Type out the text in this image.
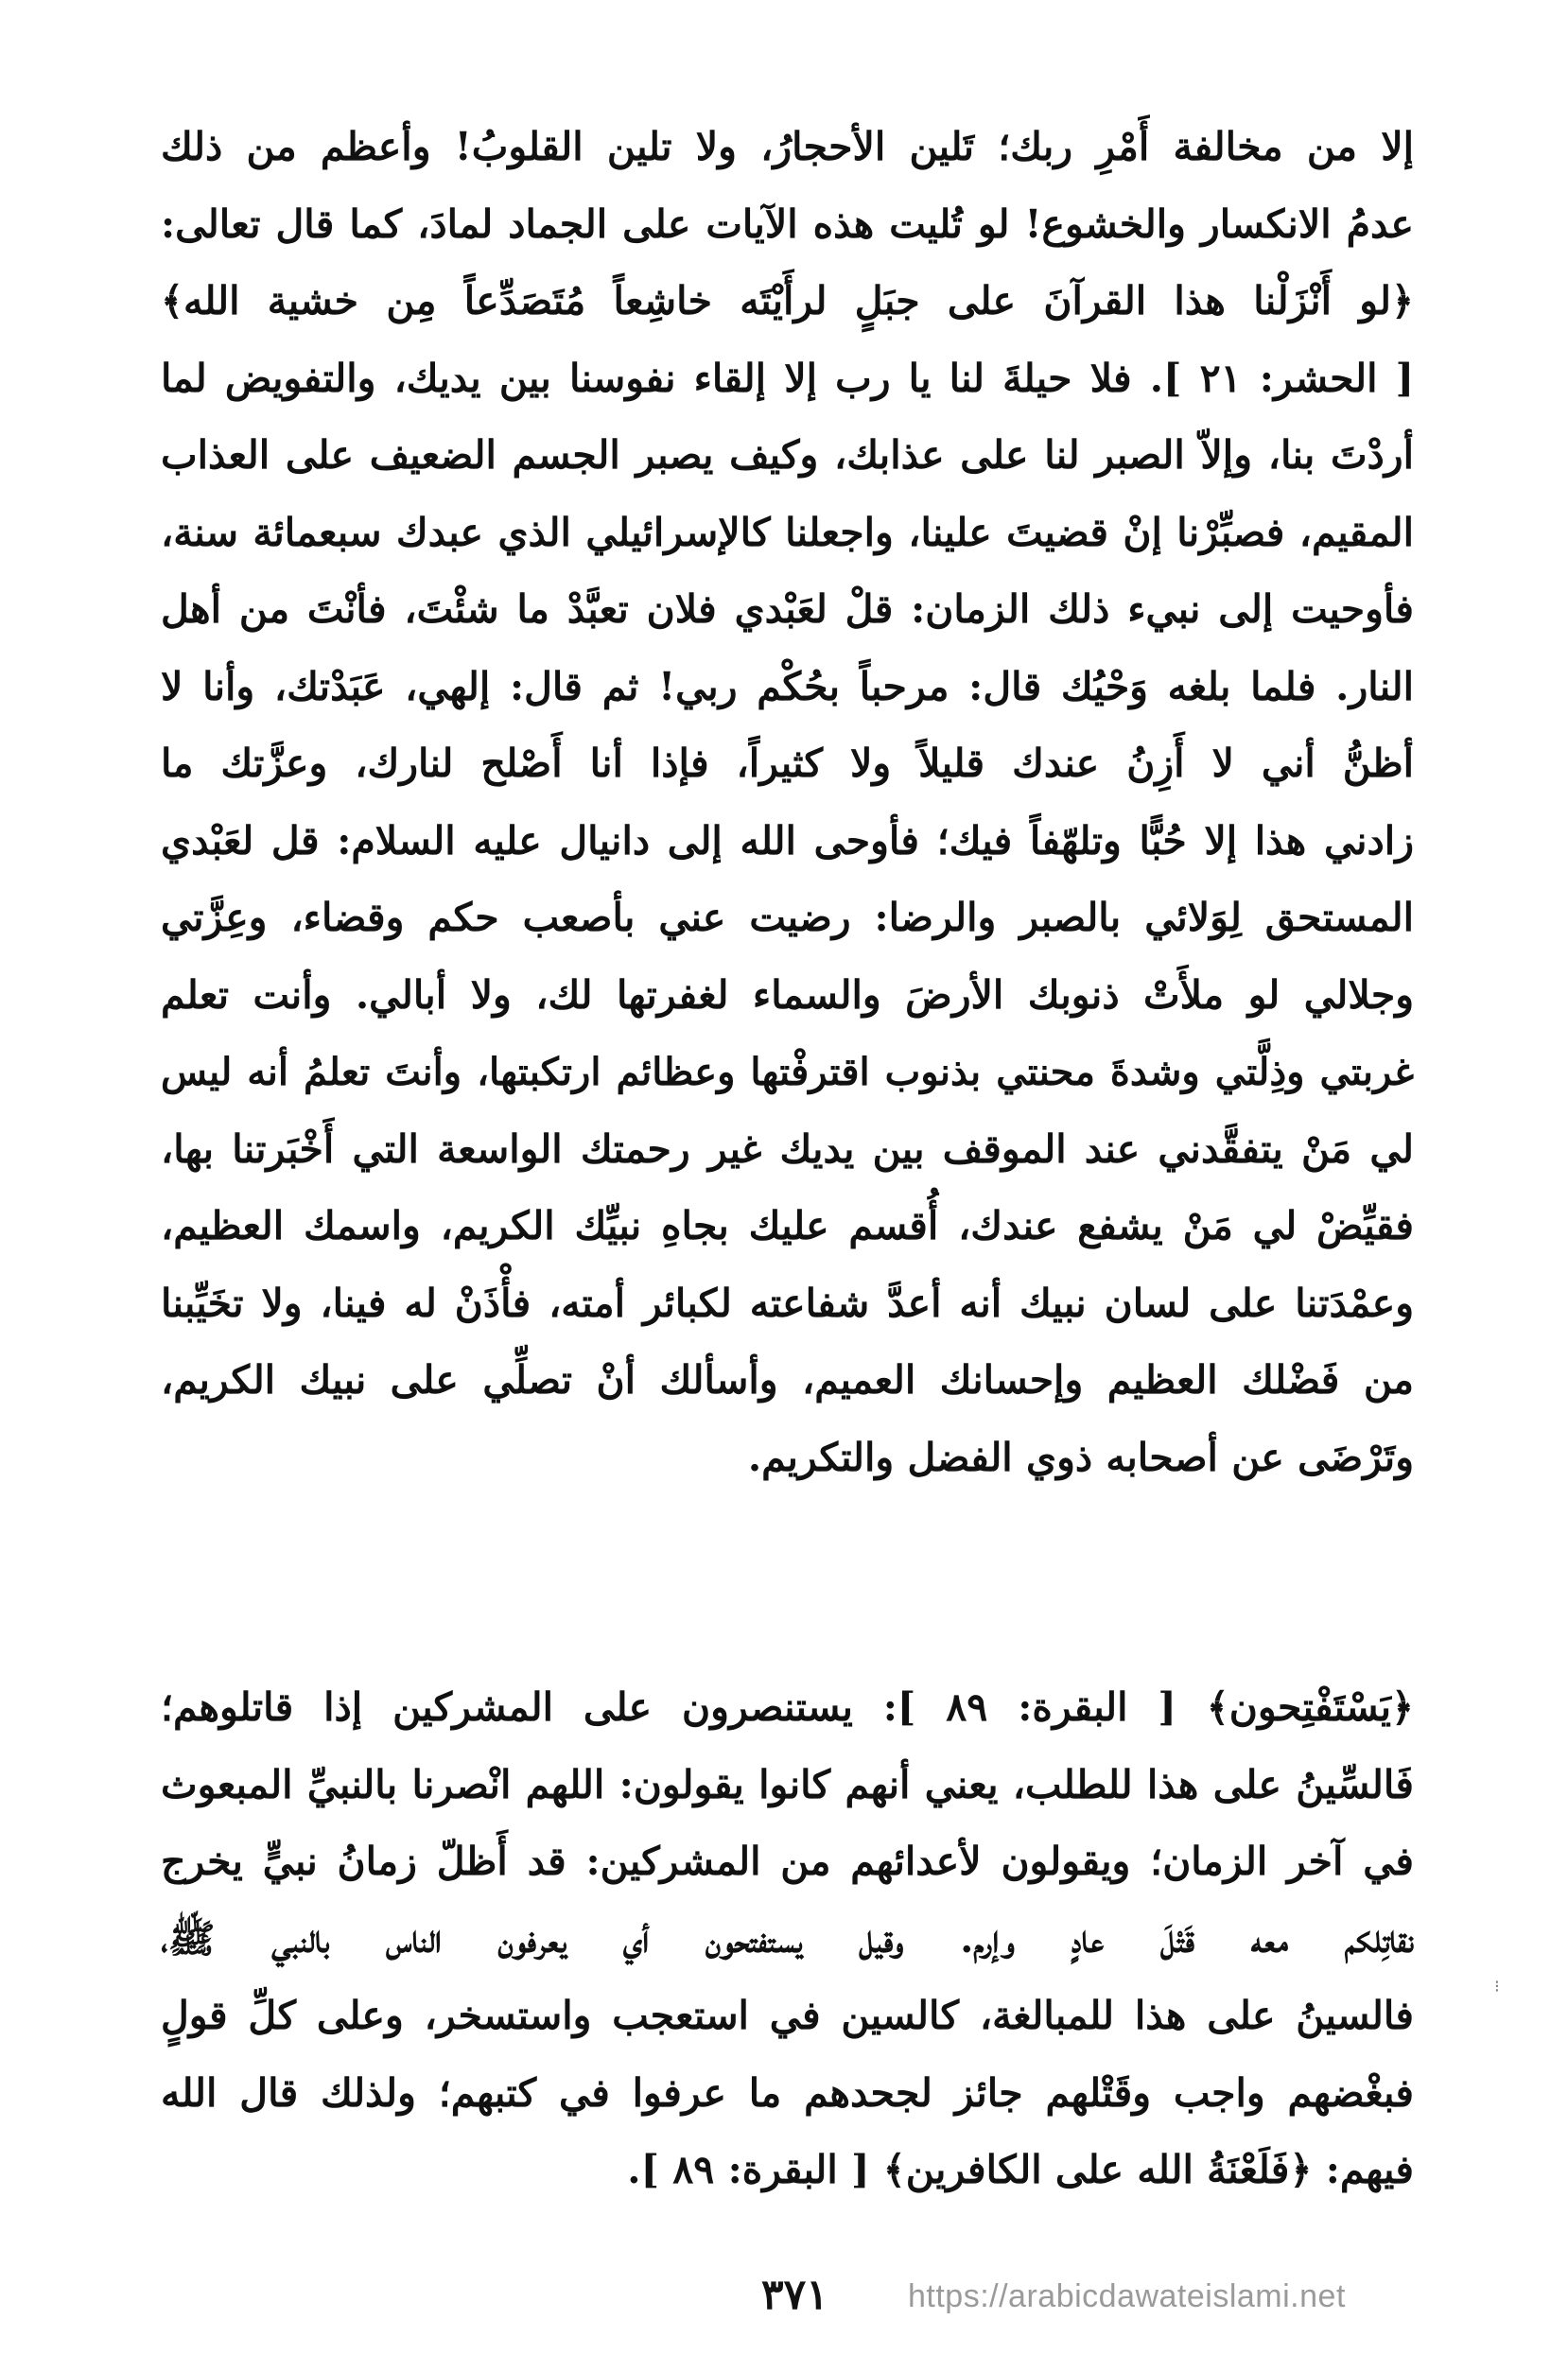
إلا من مخالفة أَمْرِ ربك؛ تَلين الأحجارُ، ولا تلين القلوبُ! وأعظم من ذلك
عدمُ الانكسار والخشوع! لو تُليت هذه الآيات على الجماد لمادَ، كما قال تعالى:
﴿لو أَنْزَلْنا هذا القرآنَ على جبَلٍ لرأَيْتَه خاشِعاً مُتَصَدِّعاً مِن خشية الله﴾
[ الحشر: ٢١ ]. فلا حيلةَ لنا يا رب إلا إلقاء نفوسنا بين يديك، والتفويض لما
أردْتَ بنا، وإلاّ الصبر لنا على عذابك، وكيف يصبر الجسم الضعيف على العذاب
المقيم، فصبِّرْنا إنْ قضيتَ علينا، واجعلنا كالإسرائيلي الذي عبدك سبعمائة سنة،
فأوحيت إلى نبيء ذلك الزمان: قلْ لعَبْدي فلان تعبَّدْ ما شئْتَ، فأنْتَ من أهل
النار. فلما بلغه وَحْيُك قال: مرحباً بحُكْم ربي! ثم قال: إلهي، عَبَدْتك، وأنا لا
أظنُّ أني لا أَزِنُ عندك قليلاً ولا كثيراً، فإذا أنا أَصْلح لنارك، وعزَّتك ما
زادني هذا إلا حُبًّا وتلهّفاً فيك؛ فأوحى الله إلى دانيال عليه السلام: قل لعَبْدي
المستحق لِوَلائي بالصبر والرضا: رضيت عني بأصعب حكم وقضاء، وعِزَّتي
وجلالي لو ملأَتْ ذنوبك الأرضَ والسماء لغفرتها لك، ولا أبالي. وأنت تعلم
غربتي وذِلَّتي وشدةَ محنتي بذنوب اقترفْتها وعظائم ارتكبتها، وأنتَ تعلمُ أنه ليس
لي مَنْ يتفقَّدني عند الموقف بين يديك غير رحمتك الواسعة التي أَخْبَرتنا بها،
فقيِّضْ لي مَنْ يشفع عندك، أُقسم عليك بجاهِ نبيِّك الكريم، واسمك العظيم،
وعمْدَتنا على لسان نبيك أنه أعدَّ شفاعته لكبائر أمته، فأْذَنْ له فينا، ولا تخَيِّبنا
من فَضْلك العظيم وإحسانك العميم، وأسألك أنْ تصلِّي على نبيك الكريم،
وتَرْضَى عن أصحابه ذوي الفضل والتكريم.
﴿يَسْتَفْتِحون﴾ [ البقرة: ٨٩ ]: يستنصرون على المشركين إذا قاتلوهم؛
فَالسِّينُ على هذا للطلب، يعني أنهم كانوا يقولون: اللهم انْصرنا بالنبيِّ المبعوث
في آخر الزمان؛ ويقولون لأعدائهم من المشركين: قد أَظلّ زمانُ نبيٍّ يخرج
نقاتِلكم معه قَتْلَ عادٍ وإرم. وقيل يستفتحون أي يعرفون الناس بالنبي ﷺ،
فالسينُ على هذا للمبالغة، كالسين في استعجب واستسخر، وعلى كلِّ قولٍ
فبغْضهم واجب وقَتْلهم جائز لجحدهم ما عرفوا في كتبهم؛ ولذلك قال الله
فيهم: ﴿فَلَعْنَةُ الله على الكافرين﴾ [ البقرة: ٨٩ ].
⁝
٣٧١ https://arabicdawateislami.net
